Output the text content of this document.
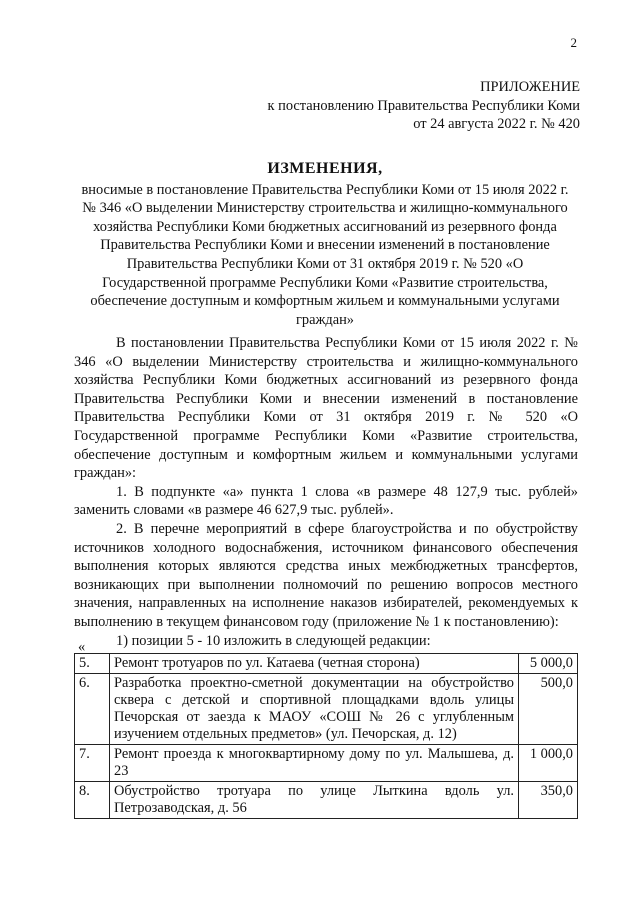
2
ПРИЛОЖЕНИЕ
к постановлению Правительства Республики Коми
от 24 августа 2022 г. № 420
ИЗМЕНЕНИЯ,
вносимые в постановление Правительства Республики Коми от 15 июля 2022 г. № 346 «О выделении Министерству строительства и жилищно-коммунального хозяйства Республики Коми бюджетных ассигнований из резервного фонда Правительства Республики Коми и внесении изменений в постановление Правительства Республики Коми от 31 октября 2019 г. № 520 «О Государственной программе Республики Коми «Развитие строительства, обеспечение доступным и комфортным жильем и коммунальными услугами граждан»

В постановлении Правительства Республики Коми от 15 июля 2022 г. № 346 «О выделении Министерству строительства и жилищно-коммунального хозяйства Республики Коми бюджетных ассигнований из резервного фонда Правительства Республики Коми и внесении изменений в постановление Правительства Республики Коми от 31 октября 2019 г. № 520 «О Государственной программе Республики Коми «Развитие строительства, обеспечение доступным и комфортным жильем и коммунальными услугами граждан»:

1. В подпункте «а» пункта 1 слова «в размере 48 127,9 тыс. рублей» заменить словами «в размере 46 627,9 тыс. рублей».

2. В перечне мероприятий в сфере благоустройства и по обустройству источников холодного водоснабжения, источником финансового обеспечения выполнения которых являются средства иных межбюджетных трансфертов, возникающих при выполнении полномочий по решению вопросов местного значения, направленных на исполнение наказов избирателей, рекомендуемых к выполнению в текущем финансовом году (приложение № 1 к постановлению):

1) позиции 5 - 10 изложить в следующей редакции:

«
5.	Ремонт тротуаров по ул. Катаева (четная сторона)	5 000,0
6.	Разработка проектно-сметной документации на обустройство сквера с детской и спортивной площадками вдоль улицы Печорская от заезда к МАОУ «СОШ № 26 с углубленным изучением отдельных предметов» (ул. Печорская, д. 12)	500,0
7.	Ремонт проезда к многоквартирному дому по ул. Малышева, д. 23	1 000,0
8.	Обустройство тротуара по улице Лыткина вдоль ул. Петрозаводская, д. 56	350,0
